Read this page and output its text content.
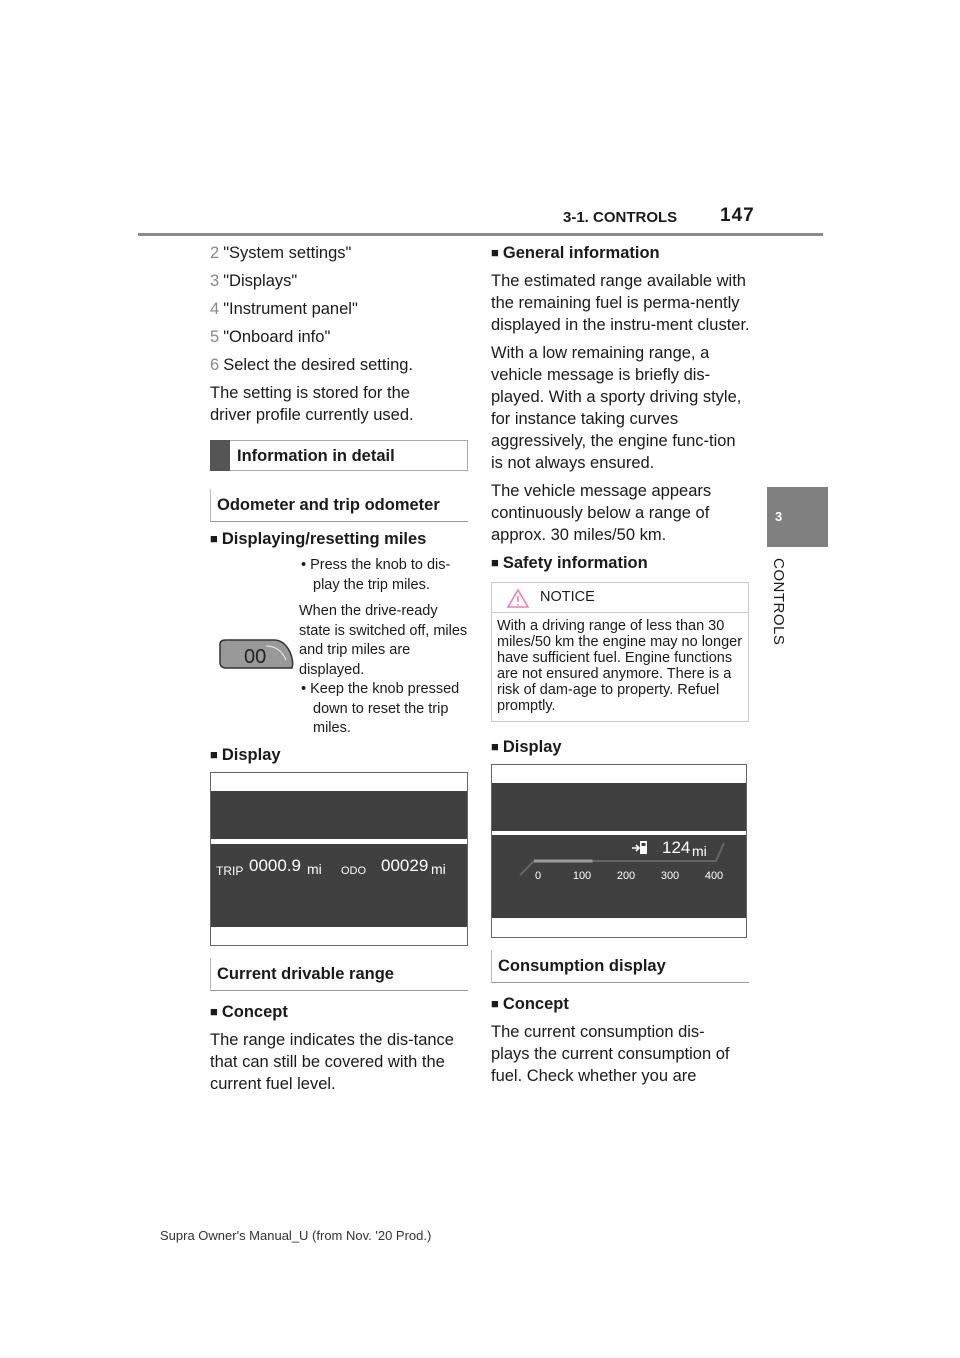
3-1. CONTROLS 147
3
CONTROLS
2 "System settings"
3 "Displays"
4 "Instrument panel"
5 "Onboard info"
6 Select the desired setting.

The setting is stored for the driver profile currently used.

Information in detail
Odometer and trip odometer
■ Displaying/resetting miles
00
• Press the knob to dis-play the trip miles.
When the drive-ready state is switched off, miles and trip miles are displayed.
• Keep the knob pressed down to reset the trip miles.
■ Display
TRIP 0000.9 mi ODO 00029 mi
Current drivable range
■ Concept

The range indicates the dis-tance that can still be covered with the current fuel level.

■ General information

The estimated range available with the remaining fuel is perma-nently displayed in the instru-ment cluster.

With a low remaining range, a vehicle message is briefly dis-played. With a sporty driving style, for instance taking curves aggressively, the engine func-tion is not always ensured.

The vehicle message appears continuously below a range of approx. 30 miles/50 km.

■ Safety information
NOTICE
With a driving range of less than 30 miles/50 km the engine may no longer have sufficient fuel. Engine functions are not ensured anymore. There is a risk of dam-age to property. Refuel promptly.
■ Display
124 mi
0	100 200 300 400
Consumption display
■ Concept

The current consumption dis-plays the current consumption of fuel. Check whether you are

Supra Owner's Manual_U (from Nov. '20 Prod.)
